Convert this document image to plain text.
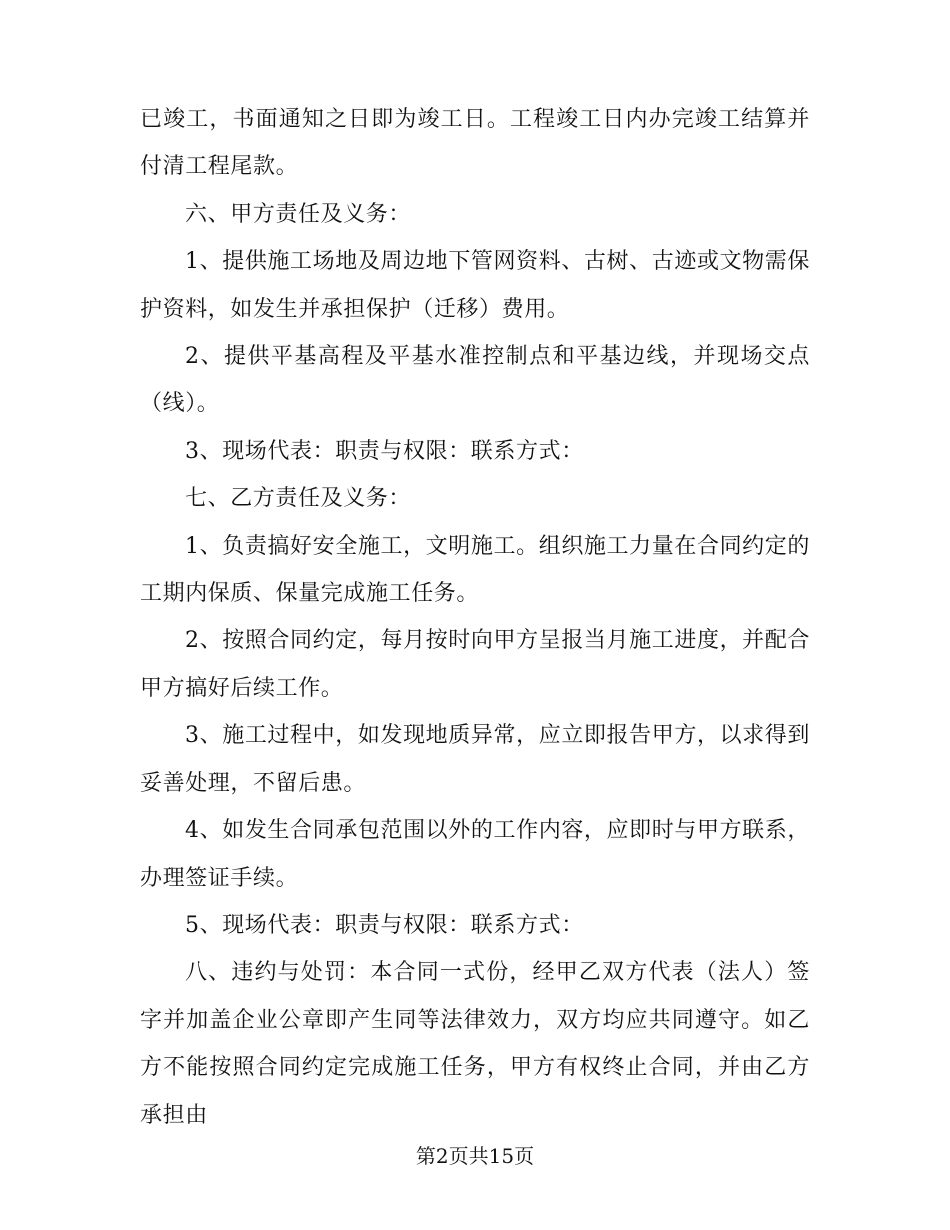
已竣工，书面通知之日即为竣工日。工程竣工日内办完竣工结算并付清工程尾款。

六、甲方责任及义务：

1、提供施工场地及周边地下管网资料、古树、古迹或文物需保护资料，如发生并承担保护（迁移）费用。

2、提供平基高程及平基水准控制点和平基边线，并现场交点（线）。

3、现场代表：职责与权限：联系方式：

七、乙方责任及义务：

1、负责搞好安全施工，文明施工。组织施工力量在合同约定的工期内保质、保量完成施工任务。

2、按照合同约定，每月按时向甲方呈报当月施工进度，并配合甲方搞好后续工作。

3、施工过程中，如发现地质异常，应立即报告甲方，以求得到妥善处理，不留后患。

4、如发生合同承包范围以外的工作内容，应即时与甲方联系，办理签证手续。

5、现场代表：职责与权限：联系方式：

八、违约与处罚：本合同一式份，经甲乙双方代表（法人）签字并加盖企业公章即产生同等法律效力，双方均应共同遵守。如乙方不能按照合同约定完成施工任务，甲方有权终止合同，并由乙方承担由

第2页共15页
